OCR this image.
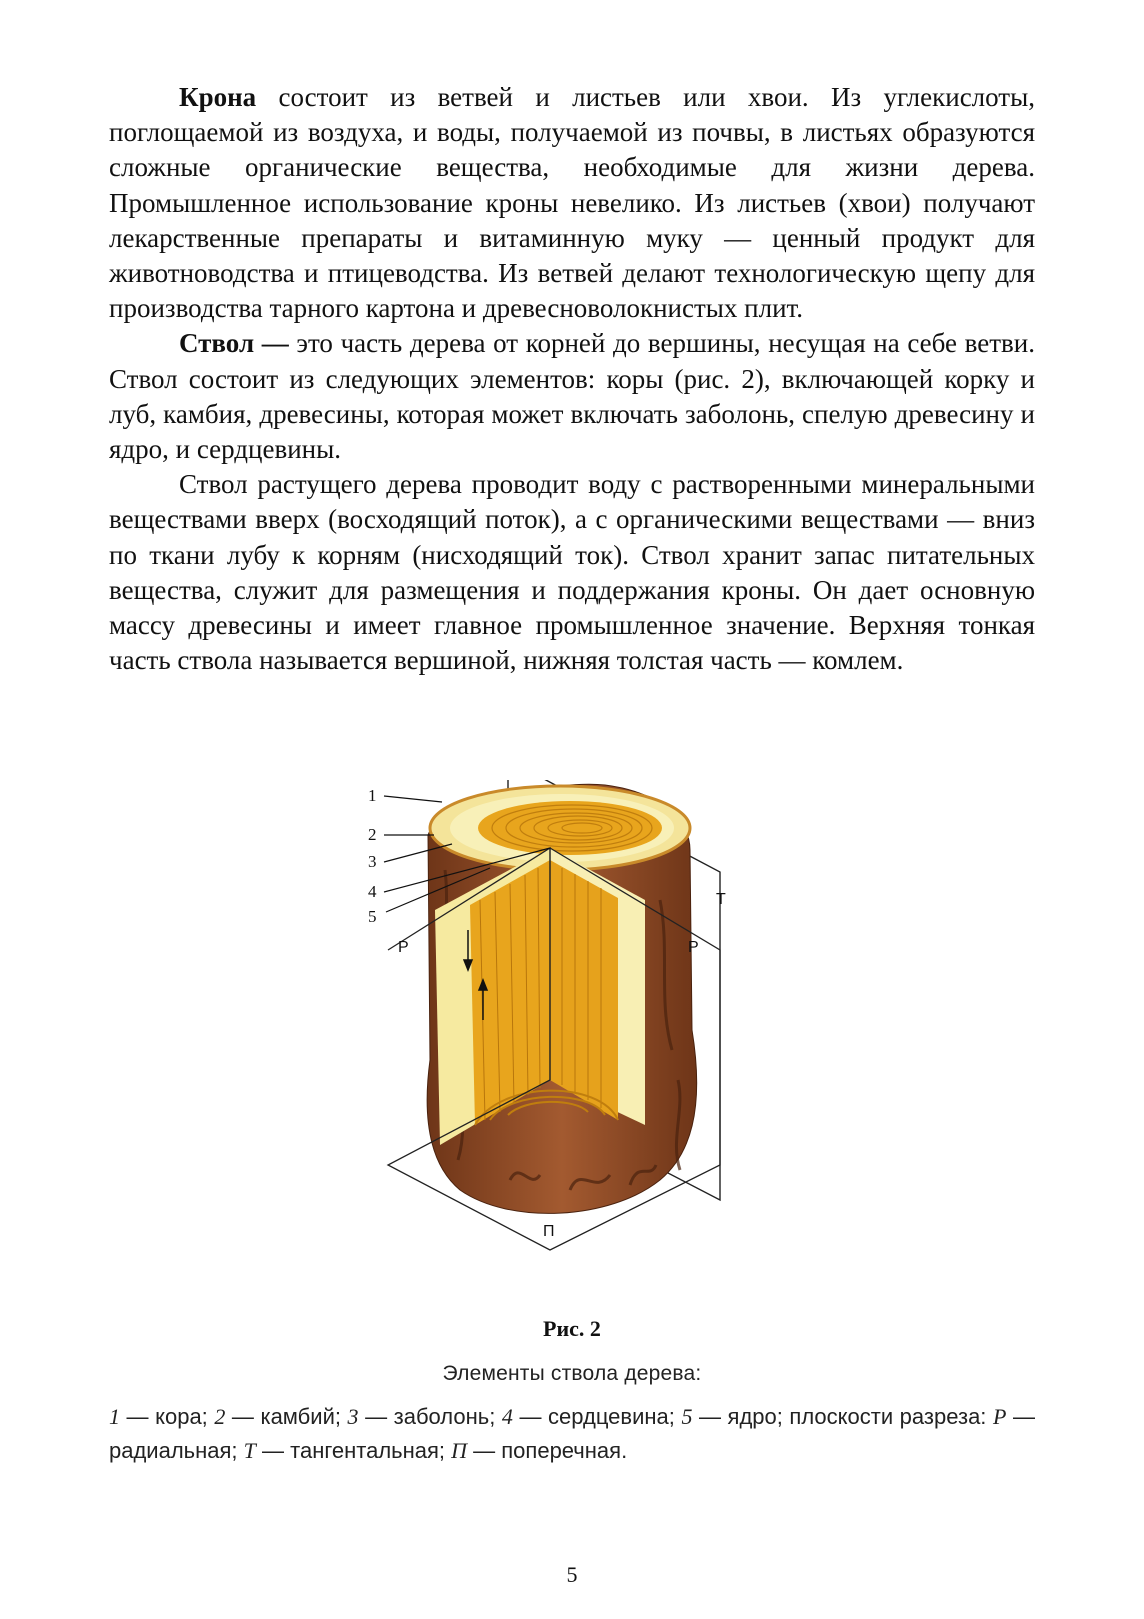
Крона состоит из ветвей и листьев или хвои. Из углекислоты, поглощаемой из воздуха, и воды, получаемой из почвы, в листьях образуются сложные органические вещества, необходимые для жизни дерева. Промышленное использование кроны невелико. Из листьев (хвои) получают лекарственные препараты и витаминную муку — ценный продукт для животноводства и птицеводства. Из ветвей делают технологическую щепу для производства тарного картона и древесноволокнистых плит.

Ствол — это часть дерева от корней до вершины, несущая на себе ветви. Ствол состоит из следующих элементов: коры (рис. 2), включающей корку и луб, камбия, древесины, которая может включать заболонь, спелую древесину и ядро, и сердцевины.

Ствол растущего дерева проводит воду с растворенными минеральными веществами вверх (восходящий поток), а с органическими веществами — вниз по ткани лубу к корням (нисходящий ток). Ствол хранит запас питательных вещества, служит для размещения и поддержания кроны. Он дает основную массу древесины и имеет главное промышленное значение. Верхняя тонкая часть ствола называется вершиной, нижняя толстая часть — комлем.

1
2
3
4
5
P	P
T
П
Рис. 2
Элементы ствола дерева:
1 — кора; 2 — камбий; 3 — заболонь; 4 — сердцевина; 5 — ядро; плоскости разреза: Р — радиальная; Т — тангентальная; П — поперечная.
5
